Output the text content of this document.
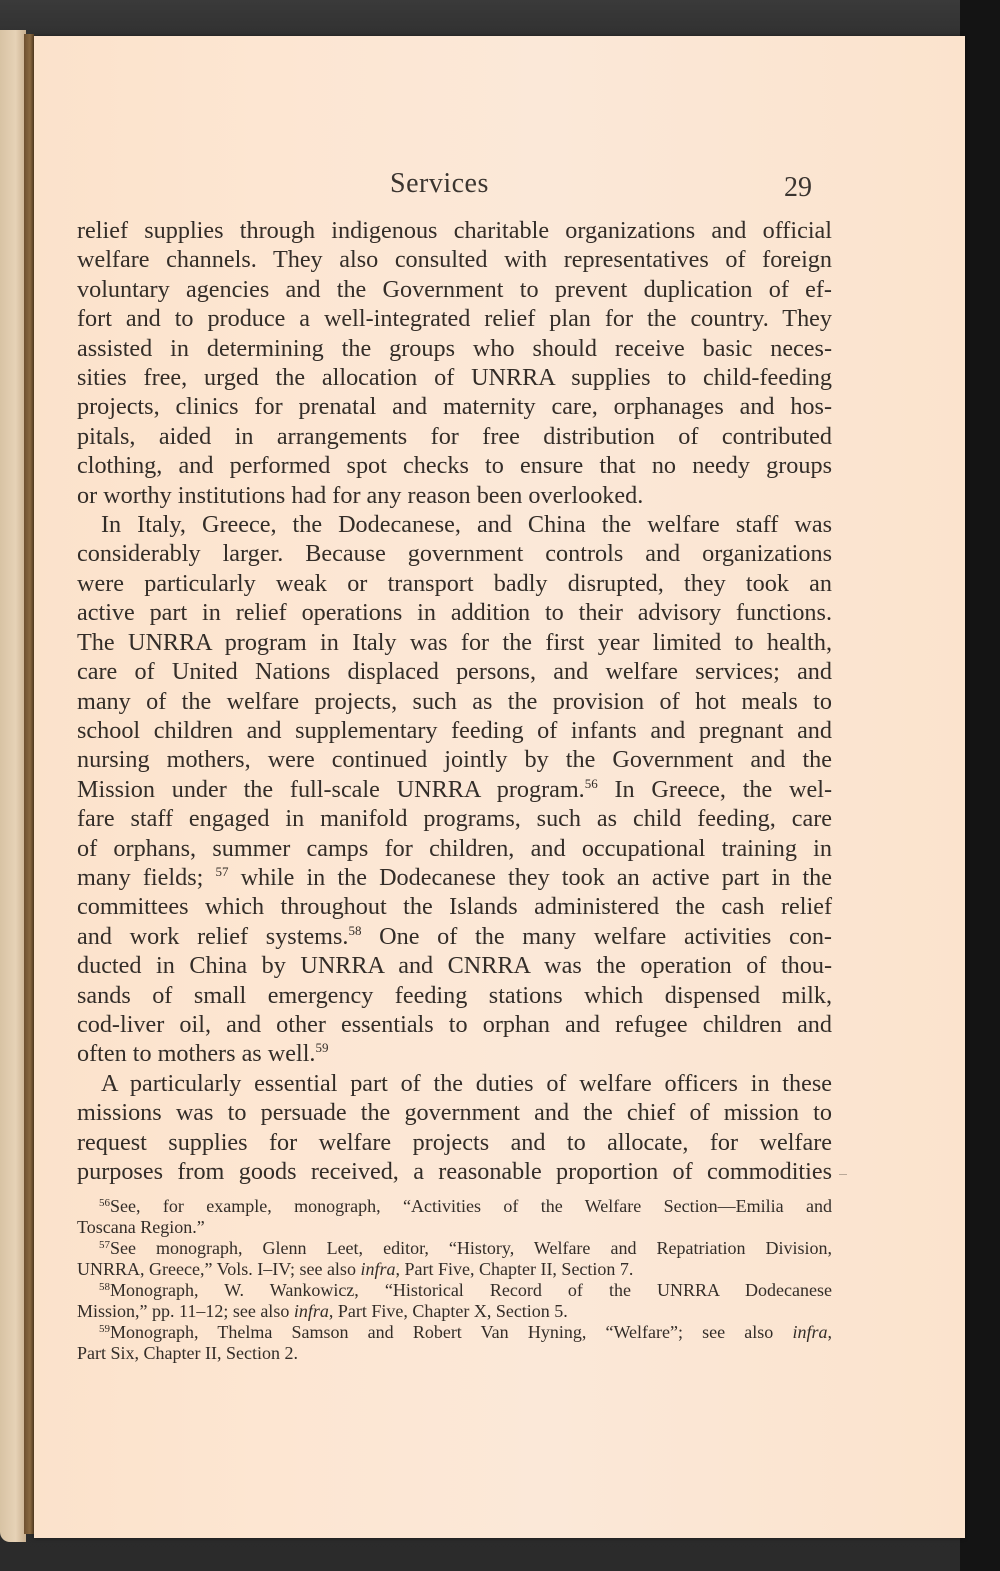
Services	29

relief supplies through indigenous charitable organizations and official
welfare channels. They also consulted with representatives of foreign
voluntary agencies and the Government to prevent duplication of ef-
fort and to produce a well-integrated relief plan for the country. They
assisted in determining the groups who should receive basic neces-
sities free, urged the allocation of UNRRA supplies to child-feeding
projects, clinics for prenatal and maternity care, orphanages and hos-
pitals, aided in arrangements for free distribution of contributed
clothing, and performed spot checks to ensure that no needy groups
or worthy institutions had for any reason been overlooked.

In Italy, Greece, the Dodecanese, and China the welfare staff was
considerably larger. Because government controls and organizations
were particularly weak or transport badly disrupted, they took an
active part in relief operations in addition to their advisory functions.
The UNRRA program in Italy was for the first year limited to health,
care of United Nations displaced persons, and welfare services; and
many of the welfare projects, such as the provision of hot meals to
school children and supplementary feeding of infants and pregnant and
nursing mothers, were continued jointly by the Government and the
Mission under the full-scale UNRRA program.$^{56}$ In Greece, the wel-
fare staff engaged in manifold programs, such as child feeding, care
of orphans, summer camps for children, and occupational training in
many fields; $^{57}$ while in the Dodecanese they took an active part in the
committees which throughout the Islands administered the cash relief
and work relief systems.$^{58}$ One of the many welfare activities con-
ducted in China by UNRRA and CNRRA was the operation of thou-
sands of small emergency feeding stations which dispensed milk,
cod-liver oil, and other essentials to orphan and refugee children and
often to mothers as well.$^{59}$

A particularly essential part of the duties of welfare officers in these
missions was to persuade the government and the chief of mission to
request supplies for welfare projects and to allocate, for welfare
purposes from goods received, a reasonable proportion of commodities

$^{56}$See, for example, monograph, “Activities of the Welfare Section—Emilia and
Toscana Region.”
$^{57}$See monograph, Glenn Leet, editor, “History, Welfare and Repatriation Division,
UNRRA, Greece,” Vols. I–IV; see also infra, Part Five, Chapter II, Section 7.
$^{58}$Monograph, W. Wankowicz, “Historical Record of the UNRRA Dodecanese
Mission,” pp. 11–12; see also infra, Part Five, Chapter X, Section 5.
$^{59}$Monograph, Thelma Samson and Robert Van Hyning, “Welfare”; see also infra,
Part Six, Chapter II, Section 2.
